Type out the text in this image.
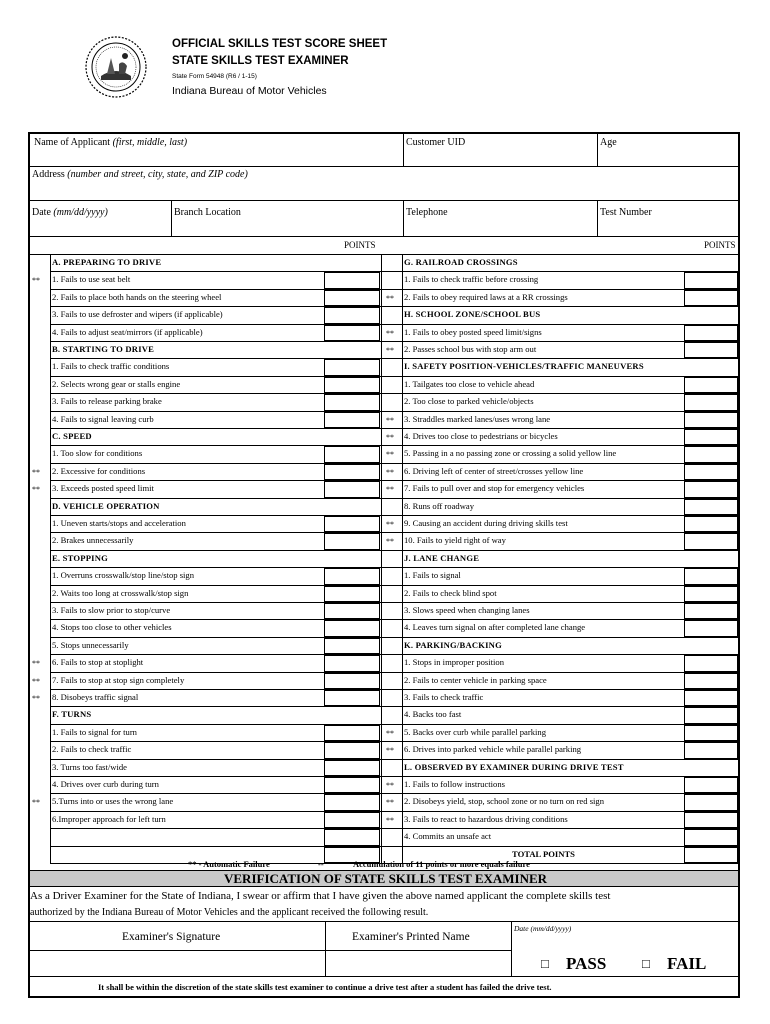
OFFICIAL SKILLS TEST SCORE SHEET
STATE SKILLS TEST EXAMINER
State Form 54948 (R6 / 1-15)
Indiana Bureau of Motor Vehicles
Name of Applicant (first, middle, last)	Customer UID	Age
Address (number and street, city, state, and ZIP code)
Date (mm/dd/yyyy)	Branch Location	Telephone	Test Number
POINTS	POINTS
A. PREPARING TO DRIVE
** 1. Fails to use seat belt
2. Fails to place both hands on the steering wheel
3. Fails to use defroster and wipers (if applicable)
4. Fails to adjust seat/mirrors (if applicable)
B. STARTING TO DRIVE
1. Fails to check traffic conditions
2. Selects wrong gear or stalls engine
3. Fails to release parking brake
4. Fails to signal leaving curb
C. SPEED
1. Too slow for conditions
** 2. Excessive for conditions
** 3. Exceeds posted speed limit
D. VEHICLE OPERATION
1. Uneven starts/stops and acceleration
2. Brakes unnecessarily
E. STOPPING
1. Overruns crosswalk/stop line/stop sign
2. Waits too long at crosswalk/stop sign
3. Fails to slow prior to stop/curve
4. Stops too close to other vehicles
5. Stops unnecessarily
** 6. Fails to stop at stoplight
** 7. Fails to stop at stop sign completely
** 8. Disobeys traffic signal
F. TURNS
1. Fails to signal for turn
2. Fails to check traffic
3. Turns too fast/wide
4. Drives over curb during turn
** 5.Turns into or uses the wrong lane
6.Improper approach for left turn
G. RAILROAD CROSSINGS
1. Fails to check traffic before crossing
** 2. Fails to obey required laws at a RR crossings
H. SCHOOL ZONE/SCHOOL BUS
** 1. Fails to obey posted speed limit/signs
** 2. Passes school bus with stop arm out
I. SAFETY POSITION-VEHICLES/TRAFFIC MANEUVERS
1. Tailgates too close to vehicle ahead
2. Too close to parked vehicle/objects
** 3. Straddles marked lanes/uses wrong lane
** 4. Drives too close to pedestrians or bicycles
** 5. Passing in a no passing zone or crossing a solid yellow line
** 6. Driving left of center of street/crosses yellow line
** 7. Fails to pull over and stop for emergency vehicles
8. Runs off roadway
** 9. Causing an accident during driving skills test
** 10. Fails to yield right of way
J. LANE CHANGE
1. Fails to signal
2. Fails to check blind spot
3. Slows speed when changing lanes
4. Leaves turn signal on after completed lane change
K. PARKING/BACKING
1. Stops in improper position
2. Fails to center vehicle in parking space
3. Fails to check traffic
4. Backs too fast
** 5. Backs over curb while parallel parking
** 6. Drives into parked vehicle while parallel parking
L. OBSERVED BY EXAMINER DURING DRIVE TEST
** 1. Fails to follow instructions
** 2. Disobeys yield, stop, school zone or no turn on red sign
** 3. Fails to react to hazardous driving conditions
4. Commits an unsafe act
TOTAL POINTS
** - Automatic Failure	--	Accumulation of 11 points or more equals failure
VERIFICATION OF STATE SKILLS TEST EXAMINER
As a Driver Examiner for the State of Indiana, I swear or affirm that I have given the above named applicant the complete skills test
authorized by the Indiana Bureau of Motor Vehicles and the applicant received the following result.
Examiner's Signature	Examiner's Printed Name
Date (mm/dd/yyyy)
□ PASS	□ FAIL
It shall be within the discretion of the state skills test examiner to continue a drive test after a student has failed the drive test.
